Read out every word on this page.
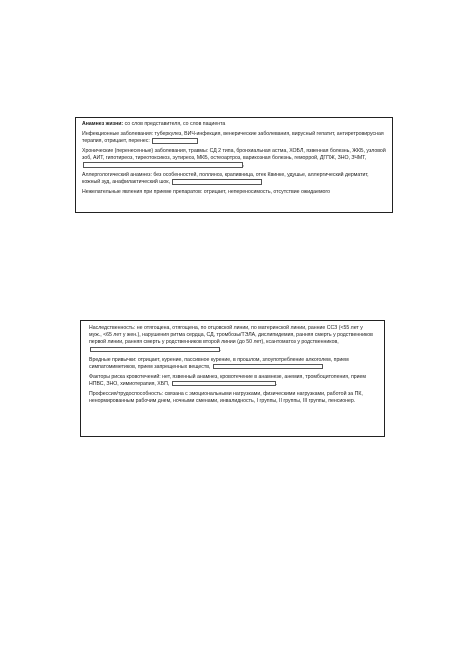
Анамнез жизни: со слов представителя, со слов пациента
Инфекционные заболевания: туберкулез, ВИЧ-инфекция, венерические заболевания, вирусный гепатит, антиретровирусная терапия, отрицает, перенес:
Хронические (перенесенные) заболевания, травмы: СД 2 типа, бронхиальная астма, ХОБЛ, язвенная болезнь, ЖКБ, узловой зоб, АИТ, гипотиреоз, тиреотоксикоз, эутиреоз, МКБ, остеоартроз, варикозная болезнь, геморрой, ДГПЖ, ЗНО, ЗЧМТ, ,
Аллергологический анамнез: без особенностей, поллиноз, крапивница, отек Квинке, удушье, аллергический дерматит, кожный зуд, анафилактический шок,
Нежелательные явления при приеме препаратов: отрицает, непереносимость, отсутствие ожидаемого
Наследственность: не отягощена, отягощена, по отцовской линии, по материнской линии, ранние ССЗ (<55 лет у муж., <65 лет у жен.), нарушения ритма сердца, СД, тромбозы/ТЭЛА, дислипидемия, ранняя смерть у родственников первой линии, ранняя смерть у родственников второй линии (до 50 лет), ксантоматоз у родственников, .
Вредные привычки: отрицает, курение, пассивное курение, в прошлом, злоупотребление алкоголем, прием симпатомиметиков, прием запрещенных веществ,
Факторы риска кровотечений: нет, язвенный анамнез, кровотечение в анамнезе, анемия, тромбоцитопения, прием НПВС, ЗНО, химиотерапия, ХБП,	.
Профессия/трудоспособность: связана с эмоциональными нагрузками, физическими нагрузками, работой за ПК, ненормированным рабочим днем, ночными сменами, инвалидность, I группы, II группы, III группы, пенсионер.
